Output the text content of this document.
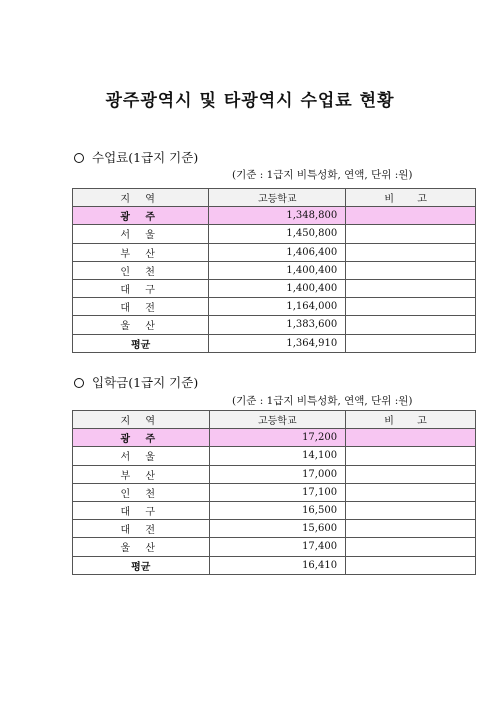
광주광역시 및 타광역시 수업료 현황
수업료(1급지 기준)
(기준 : 1급지 비특성화, 연액, 단위 :원)
지 역	고등학교	비 고
광 주	1,348,800	
서 울	1,450,800	
부 산	1,406,400	
인 천	1,400,400	
대 구	1,400,400	
대 전	1,164,000	
울 산	1,383,600	
평균	1,364,910	
입학금(1급지 기준)
(기준 : 1급지 비특성화, 연액, 단위 :원)
지 역	고등학교	비 고
광 주	17,200	
서 울	14,100	
부 산	17,000	
인 천	17,100	
대 구	16,500	
대 전	15,600	
울 산	17,400	
평균	16,410	
